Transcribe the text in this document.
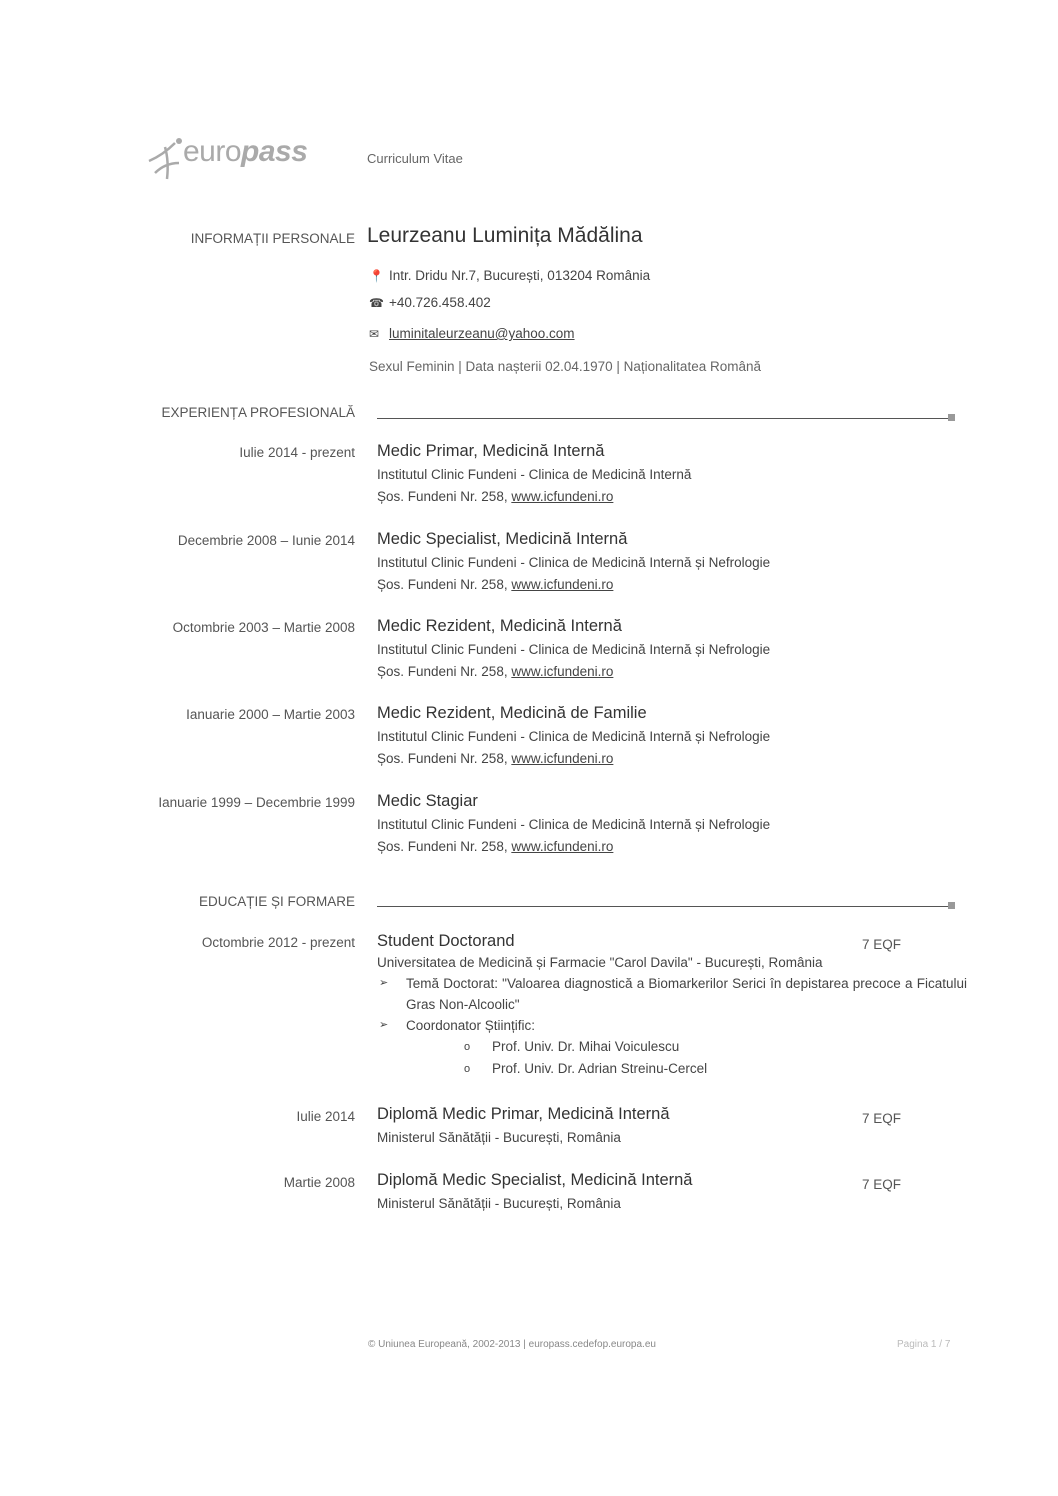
europass	Curriculum Vitae
INFORMAȚII PERSONALE Leurzeanu Luminița Mădălina
📍 Intr. Dridu Nr.7, București, 013204 România
☎ +40.726.458.402
✉ luminitaleurzeanu@yahoo.com
Sexul Feminin | Data nașterii 02.04.1970 | Naționalitatea Română
EXPERIENȚA PROFESIONALĂ
Iulie 2014 - prezent Medic Primar, Medicină Internă
Institutul Clinic Fundeni - Clinica de Medicină Internă
Șos. Fundeni Nr. 258, www.icfundeni.ro
Decembrie 2008 – Iunie 2014 Medic Specialist, Medicină Internă
Institutul Clinic Fundeni - Clinica de Medicină Internă și Nefrologie
Șos. Fundeni Nr. 258, www.icfundeni.ro
Octombrie 2003 – Martie 2008 Medic Rezident, Medicină Internă
Institutul Clinic Fundeni - Clinica de Medicină Internă și Nefrologie
Șos. Fundeni Nr. 258, www.icfundeni.ro
Ianuarie 2000 – Martie 2003 Medic Rezident, Medicină de Familie
Institutul Clinic Fundeni - Clinica de Medicină Internă și Nefrologie
Șos. Fundeni Nr. 258, www.icfundeni.ro
Ianuarie 1999 – Decembrie 1999 Medic Stagiar
Institutul Clinic Fundeni - Clinica de Medicină Internă și Nefrologie
Șos. Fundeni Nr. 258, www.icfundeni.ro
EDUCAȚIE ȘI FORMARE
Octombrie 2012 - prezent	7 EQF
Student Doctorand
Universitatea de Medicină și Farmacie "Carol Davila" - București, România
➢ Temă Doctorat: "Valoarea diagnostică a Biomarkerilor Serici în depistarea precoce a Ficatului Gras Non-Alcoolic"
➢ Coordonator Științific:
o Prof. Univ. Dr. Mihai Voiculescu
o Prof. Univ. Dr. Adrian Streinu-Cercel
Iulie 2014	7 EQF
Diplomă Medic Primar, Medicină Internă
Ministerul Sănătății - București, România
Martie 2008	7 EQF
Diplomă Medic Specialist, Medicină Internă
Ministerul Sănătății - București, România
© Uniunea Europeană, 2002-2013 | europass.cedefop.europa.eu	Pagina 1 / 7
